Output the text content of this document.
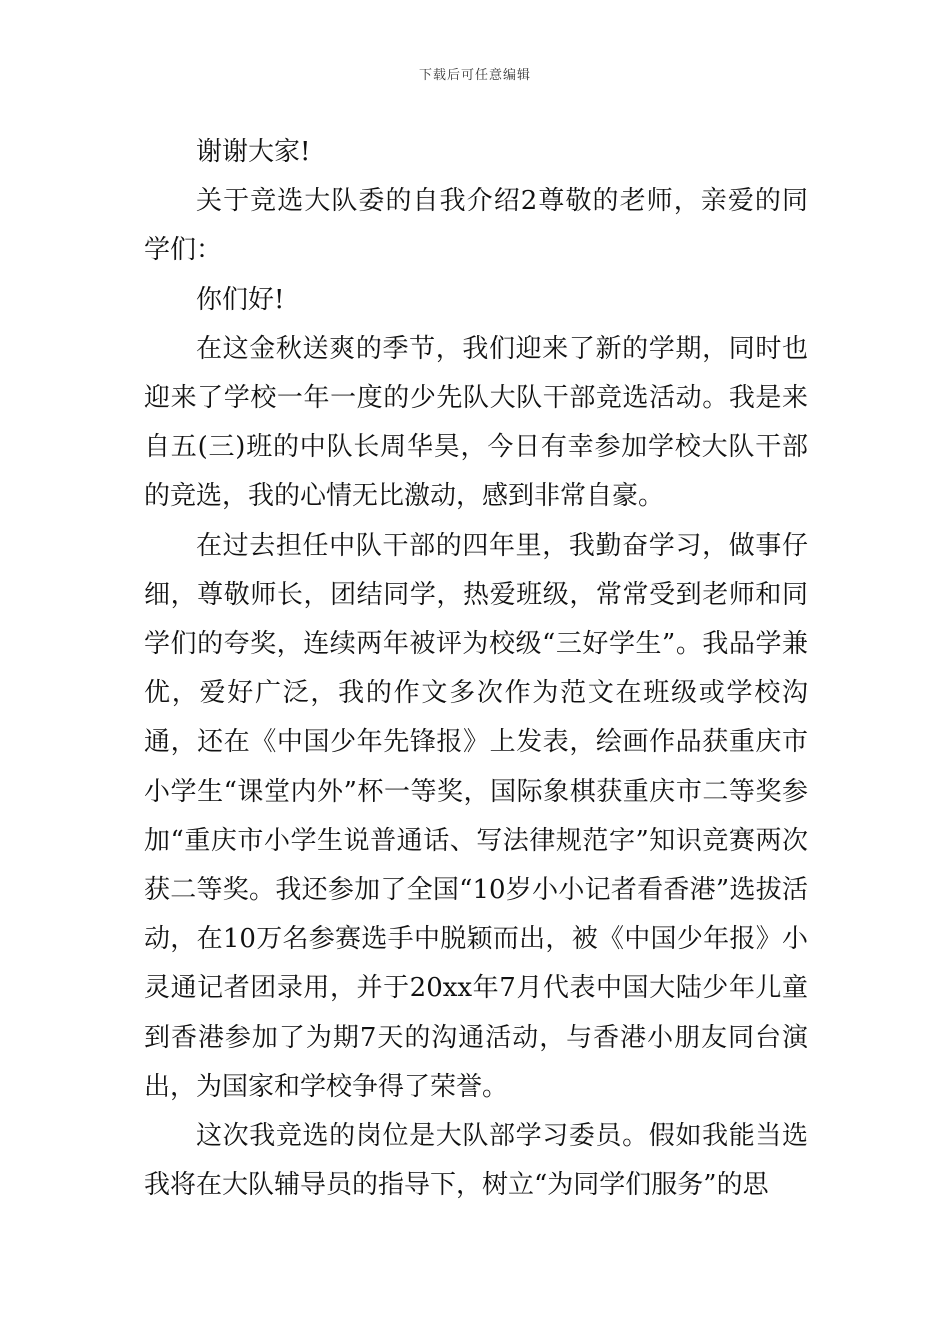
下载后可任意编辑

谢谢大家!

关于竞选大队委的自我介绍2尊敬的老师，亲爱的同学们：

你们好!

在这金秋送爽的季节，我们迎来了新的学期，同时也迎来了学校一年一度的少先队大队干部竞选活动。我是来自五(三)班的中队长周华昊，今日有幸参加学校大队干部的竞选，我的心情无比激动，感到非常自豪。

在过去担任中队干部的四年里，我勤奋学习，做事仔细，尊敬师长，团结同学，热爱班级，常常受到老师和同学们的夸奖，连续两年被评为校级“三好学生”。我品学兼优，爱好广泛，我的作文多次作为范文在班级或学校沟通，还在《中国少年先锋报》上发表，绘画作品获重庆市小学生“课堂内外”杯一等奖，国际象棋获重庆市二等奖参加“重庆市小学生说普通话、写法律规范字”知识竞赛两次获二等奖。我还参加了全国“10岁小小记者看香港”选拔活动，在10万名参赛选手中脱颖而出，被《中国少年报》小灵通记者团录用，并于20xx年7月代表中国大陆少年儿童到香港参加了为期7天的沟通活动，与香港小朋友同台演出，为国家和学校争得了荣誉。

这次我竞选的岗位是大队部学习委员。假如我能当选我将在大队辅导员的指导下，树立“为同学们服务”的思
